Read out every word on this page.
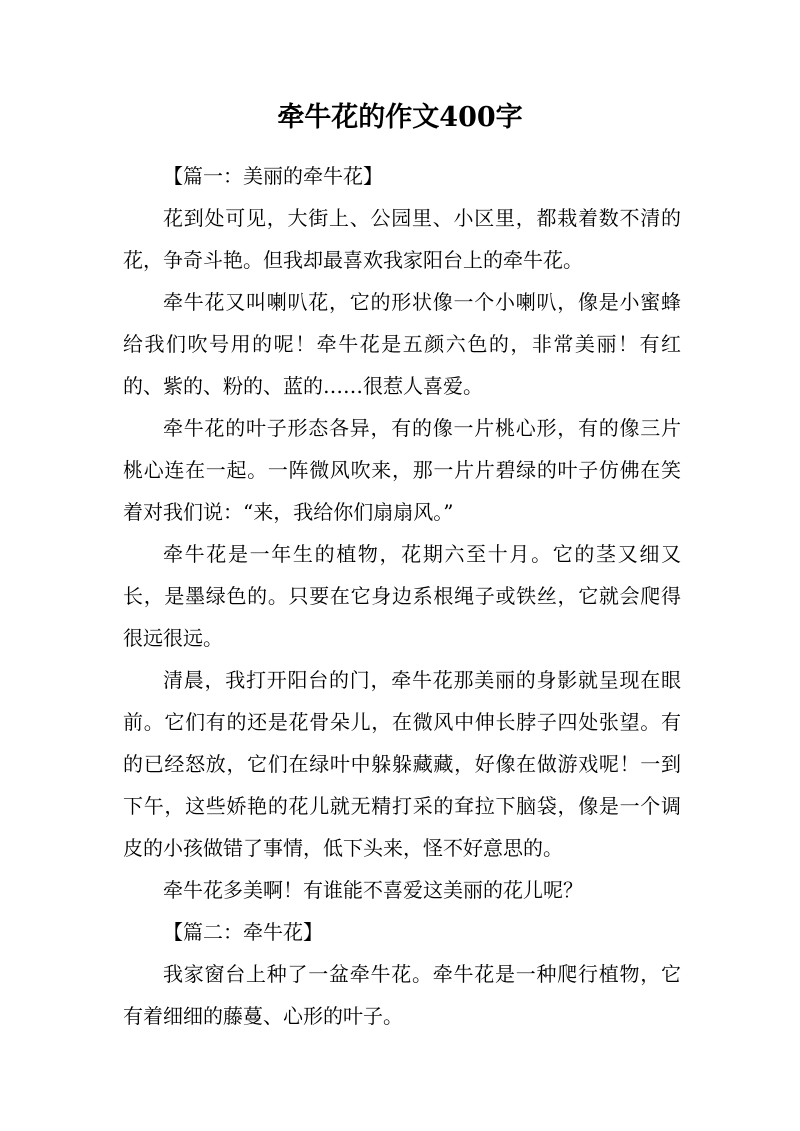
牵牛花的作文400字

【篇一：美丽的牵牛花】

花到处可见，大街上、公园里、小区里，都栽着数不清的花，争奇斗艳。但我却最喜欢我家阳台上的牵牛花。

牵牛花又叫喇叭花，它的形状像一个小喇叭，像是小蜜蜂给我们吹号用的呢！牵牛花是五颜六色的，非常美丽！有红的、紫的、粉的、蓝的……很惹人喜爱。

牵牛花的叶子形态各异，有的像一片桃心形，有的像三片桃心连在一起。一阵微风吹来，那一片片碧绿的叶子仿佛在笑着对我们说：“来，我给你们扇扇风。”

牵牛花是一年生的植物，花期六至十月。它的茎又细又长，是墨绿色的。只要在它身边系根绳子或铁丝，它就会爬得很远很远。

清晨，我打开阳台的门，牵牛花那美丽的身影就呈现在眼前。它们有的还是花骨朵儿，在微风中伸长脖子四处张望。有的已经怒放，它们在绿叶中躲躲藏藏，好像在做游戏呢！一到下午，这些娇艳的花儿就无精打采的耷拉下脑袋，像是一个调皮的小孩做错了事情，低下头来，怪不好意思的。

牵牛花多美啊！有谁能不喜爱这美丽的花儿呢？

【篇二：牵牛花】

我家窗台上种了一盆牵牛花。牵牛花是一种爬行植物，它有着细细的藤蔓、心形的叶子。
